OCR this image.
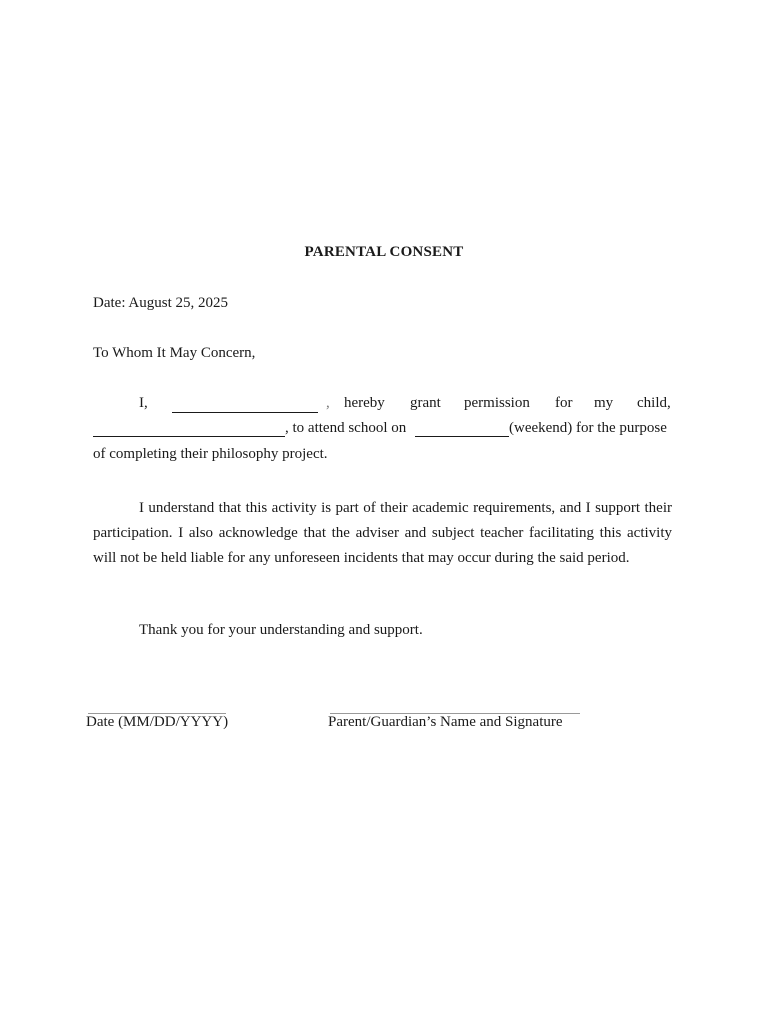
PARENTAL CONSENT
Date: August 25, 2025
To Whom It May Concern,
I,	, hereby grant permission for my child,
, to attend school on	(weekend) for the purpose
of completing their philosophy project.
I understand that this activity is part of their academic requirements, and I support their participation. I also acknowledge that the adviser and subject teacher facilitating this activity will not be held liable for any unforeseen incidents that may occur during the said period.
Thank you for your understanding and support.
Date (MM/DD/YYYY)	Parent/Guardian’s Name and Signature
